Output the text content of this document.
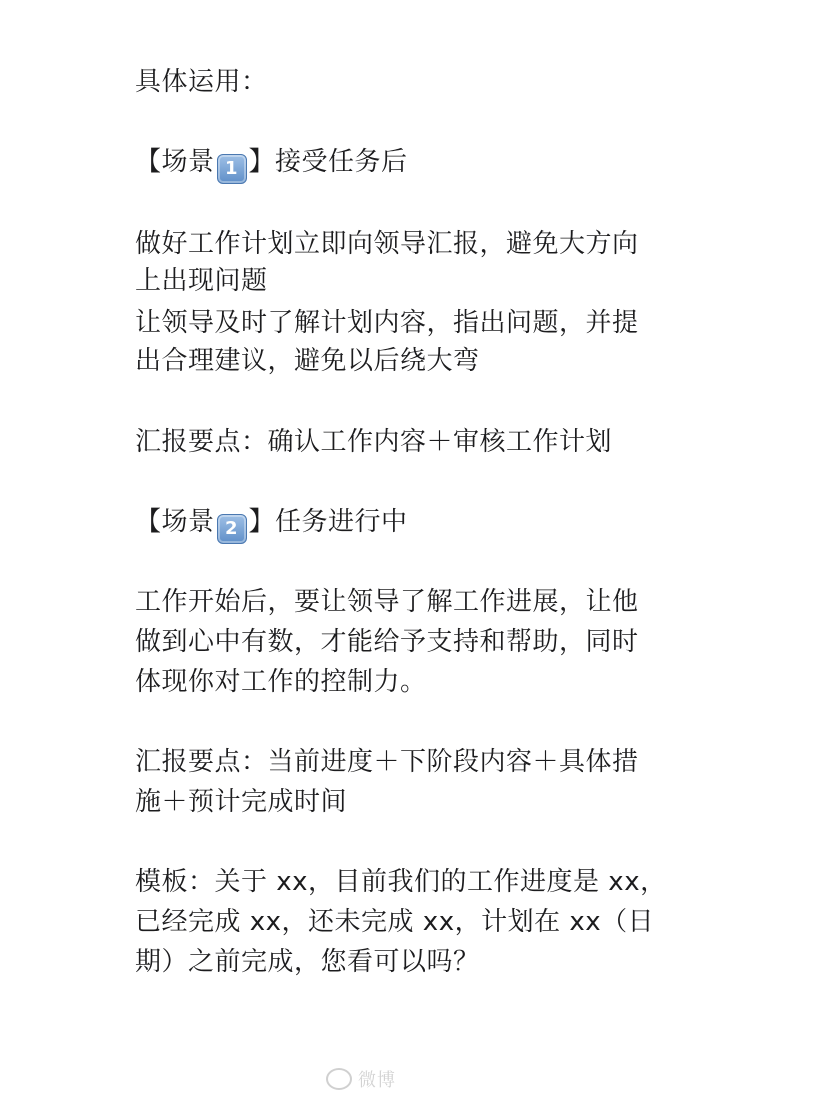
具体运用：
【场景 1 】接受任务后
做好工作计划立即向领导汇报，避免大方向
上出现问题
让领导及时了解计划内容，指出问题，并提
出合理建议，避免以后绕大弯
汇报要点：确认工作内容＋审核工作计划
【场景 2 】任务进行中
工作开始后，要让领导了解工作进展，让他
做到心中有数，才能给予支持和帮助，同时
体现你对工作的控制力。
汇报要点：当前进度＋下阶段内容＋具体措
施＋预计完成时间
模板：关于 xx，目前我们的工作进度是 xx，
已经完成 xx，还未完成 xx，计划在 xx（日
期）之前完成，您看可以吗？
微博
